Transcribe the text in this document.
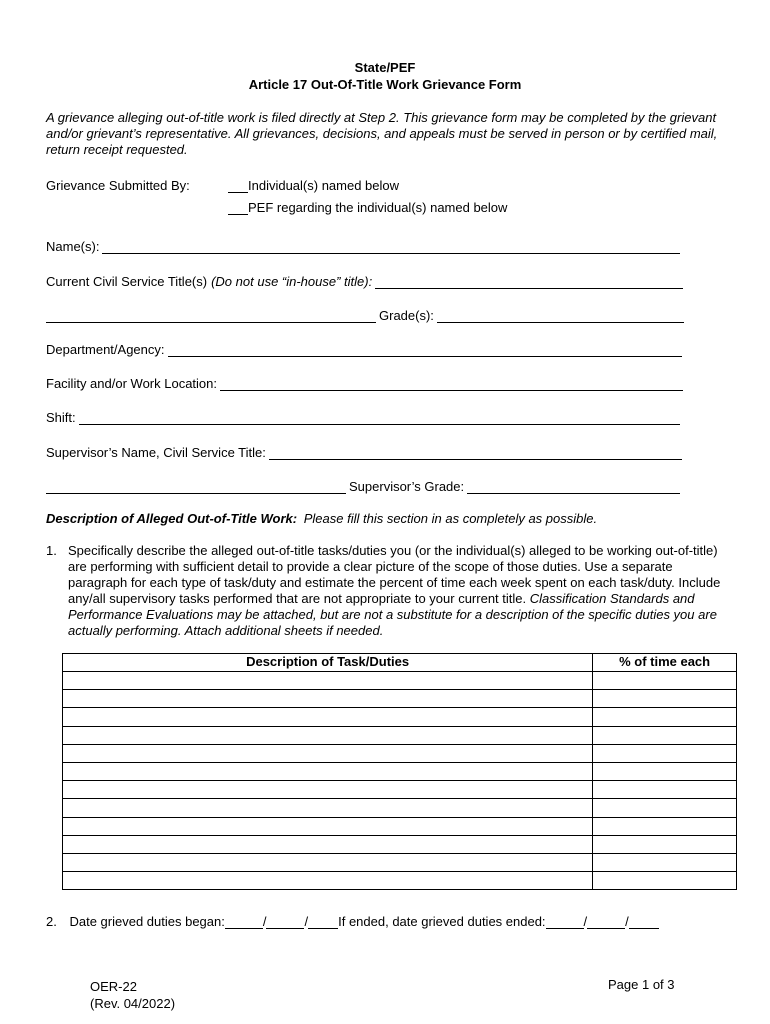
State/PEF
Article 17 Out-Of-Title Work Grievance Form
A grievance alleging out-of-title work is filed directly at Step 2. This grievance form may be completed by the grievant and/or grievant’s representative. All grievances, decisions, and appeals must be served in person or by certified mail, return receipt requested.
Grievance Submitted By:	Individual(s) named below
PEF regarding the individual(s) named below
Name(s):
Current Civil Service Title(s) (Do not use “in-house” title):
Grade(s):
Department/Agency:
Facility and/or Work Location:
Shift:
Supervisor’s Name, Civil Service Title:
Supervisor’s Grade:
Description of Alleged Out-of-Title Work: Please fill this section in as completely as possible.
1. Specifically describe the alleged out-of-title tasks/duties you (or the individual(s) alleged to be working out-of-title) are performing with sufficient detail to provide a clear picture of the scope of those duties. Use a separate paragraph for each type of task/duty and estimate the percent of time each week spent on each task/duty. Include any/all supervisory tasks performed that are not appropriate to your current title. Classification Standards and Performance Evaluations may be attached, but are not a substitute for a description of the specific duties you are actually performing. Attach additional sheets if needed.
Description of Task/Duties	% of time each

2. Date grieved duties began:	/	/ If ended, date grieved duties ended:	/	/
OER-22
(Rev. 04/2022)
Page 1 of 3
